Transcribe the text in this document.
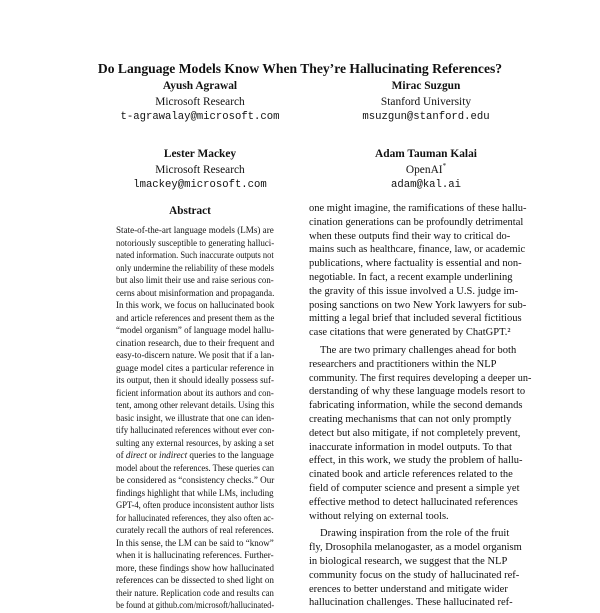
Do Language Models Know When They’re Hallucinating References?
Ayush Agrawal
Microsoft Research
t-agrawalay@microsoft.com
Mirac Suzgun
Stanford University
msuzgun@stanford.edu
Lester Mackey
Microsoft Research
lmackey@microsoft.com
Adam Tauman Kalai
OpenAI*
adam@kal.ai
Abstract
State-of-the-art language models (LMs) are
notoriously susceptible to generating halluci-
nated information. Such inaccurate outputs not
only undermine the reliability of these models
but also limit their use and raise serious con-
cerns about misinformation and propaganda.
In this work, we focus on hallucinated book
and article references and present them as the
“model organism” of language model hallu-
cination research, due to their frequent and
easy-to-discern nature. We posit that if a lan-
guage model cites a particular reference in
its output, then it should ideally possess suf-
ficient information about its authors and con-
tent, among other relevant details. Using this
basic insight, we illustrate that one can iden-
tify hallucinated references without ever con-
sulting any external resources, by asking a set
of direct or indirect queries to the language
model about the references. These queries can
be considered as “consistency checks.” Our
findings highlight that while LMs, including
GPT-4, often produce inconsistent author lists
for hallucinated references, they also often ac-
curately recall the authors of real references.
In this sense, the LM can be said to “know”
when it is hallucinating references. Further-
more, these findings show how hallucinated
references can be dissected to shed light on
their nature. Replication code and results can
be found at github.com/microsoft/hallucinated-
one might imagine, the ramifications of these hallu-
cination generations can be profoundly detrimental
when these outputs find their way to critical do-
mains such as healthcare, finance, law, or academic
publications, where factuality is essential and non-
negotiable. In fact, a recent example underlining
the gravity of this issue involved a U.S. judge im-
posing sanctions on two New York lawyers for sub-
mitting a legal brief that included several fictitious
case citations that were generated by ChatGPT.²
The are two primary challenges ahead for both
researchers and practitioners within the NLP
community. The first requires developing a deeper un-
derstanding of why these language models resort to
fabricating information, while the second demands
creating mechanisms that can not only promptly
detect but also mitigate, if not completely prevent,
inaccurate information in model outputs. To that
effect, in this work, we study the problem of hallu-
cinated book and article references related to the
field of computer science and present a simple yet
effective method to detect hallucinated references
without relying on external tools.
Drawing inspiration from the role of the fruit
fly, Drosophila melanogaster, as a model organism
in biological research, we suggest that the NLP
community focus on the study of hallucinated ref-
erences to better understand and mitigate wider
hallucination challenges. These hallucinated ref-
